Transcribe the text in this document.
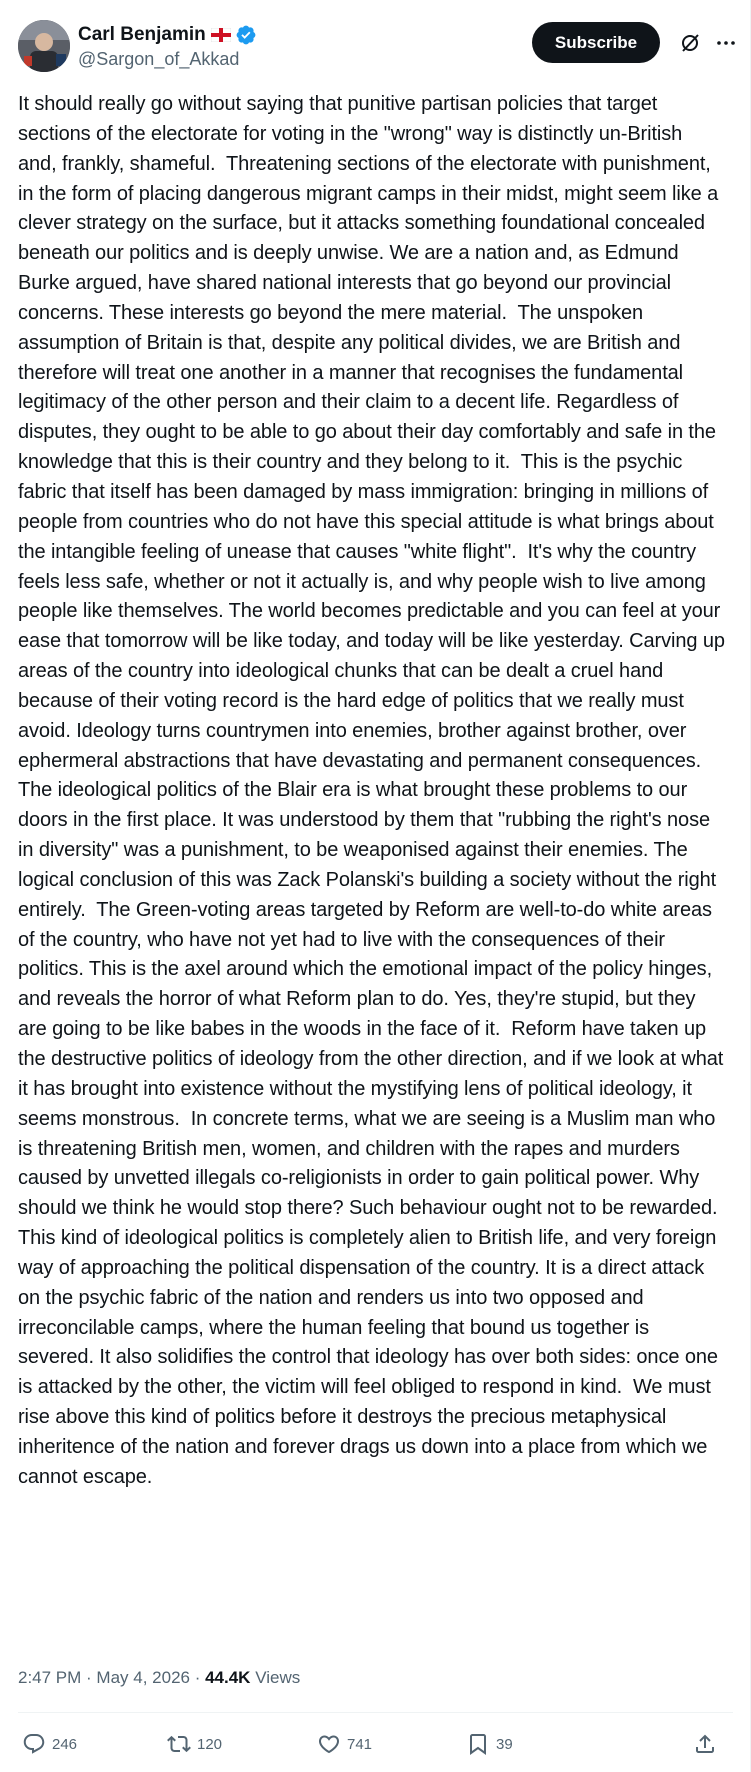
Carl Benjamin
@Sargon_of_Akkad
Subscribe
It should really go without saying that punitive partisan policies that target sections of the electorate for voting in the "wrong" way is distinctly un-British and, frankly, shameful.  Threatening sections of the electorate with punishment, in the form of placing dangerous migrant camps in their midst, might seem like a clever strategy on the surface, but it attacks something foundational concealed beneath our politics and is deeply unwise. We are a nation and, as Edmund Burke argued, have shared national interests that go beyond our provincial concerns. These interests go beyond the mere material.  The unspoken assumption of Britain is that, despite any political divides, we are British and therefore will treat one another in a manner that recognises the fundamental legitimacy of the other person and their claim to a decent life. Regardless of disputes, they ought to be able to go about their day comfortably and safe in the knowledge that this is their country and they belong to it.  This is the psychic fabric that itself has been damaged by mass immigration: bringing in millions of people from countries who do not have this special attitude is what brings about the intangible feeling of unease that causes "white flight".  It's why the country feels less safe, whether or not it actually is, and why people wish to live among people like themselves. The world becomes predictable and you can feel at your ease that tomorrow will be like today, and today will be like yesterday. Carving up areas of the country into ideological chunks that can be dealt a cruel hand because of their voting record is the hard edge of politics that we really must avoid. Ideology turns countrymen into enemies, brother against brother, over ephermeral abstractions that have devastating and permanent consequences.  The ideological politics of the Blair era is what brought these problems to our doors in the first place. It was understood by them that "rubbing the right's nose in diversity" was a punishment, to be weaponised against their enemies. The logical conclusion of this was Zack Polanski's building a society without the right entirely.  The Green-voting areas targeted by Reform are well-to-do white areas of the country, who have not yet had to live with the consequences of their politics. This is the axel around which the emotional impact of the policy hinges, and reveals the horror of what Reform plan to do. Yes, they're stupid, but they are going to be like babes in the woods in the face of it.  Reform have taken up the destructive politics of ideology from the other direction, and if we look at what it has brought into existence without the mystifying lens of political ideology, it seems monstrous.  In concrete terms, what we are seeing is a Muslim man who is threatening British men, women, and children with the rapes and murders caused by unvetted illegals co-religionists in order to gain political power. Why should we think he would stop there? Such behaviour ought not to be rewarded. This kind of ideological politics is completely alien to British life, and very foreign way of approaching the political dispensation of the country. It is a direct attack on the psychic fabric of the nation and renders us into two opposed and irreconcilable camps, where the human feeling that bound us together is severed. It also solidifies the control that ideology has over both sides: once one is attacked by the other, the victim will feel obliged to respond in kind.  We must rise above this kind of politics before it destroys the precious metaphysical inheritence of the nation and forever drags us down into a place from which we cannot escape.
2:47 PM · May 4, 2026 · 44.4K Views
246	120	741	39
